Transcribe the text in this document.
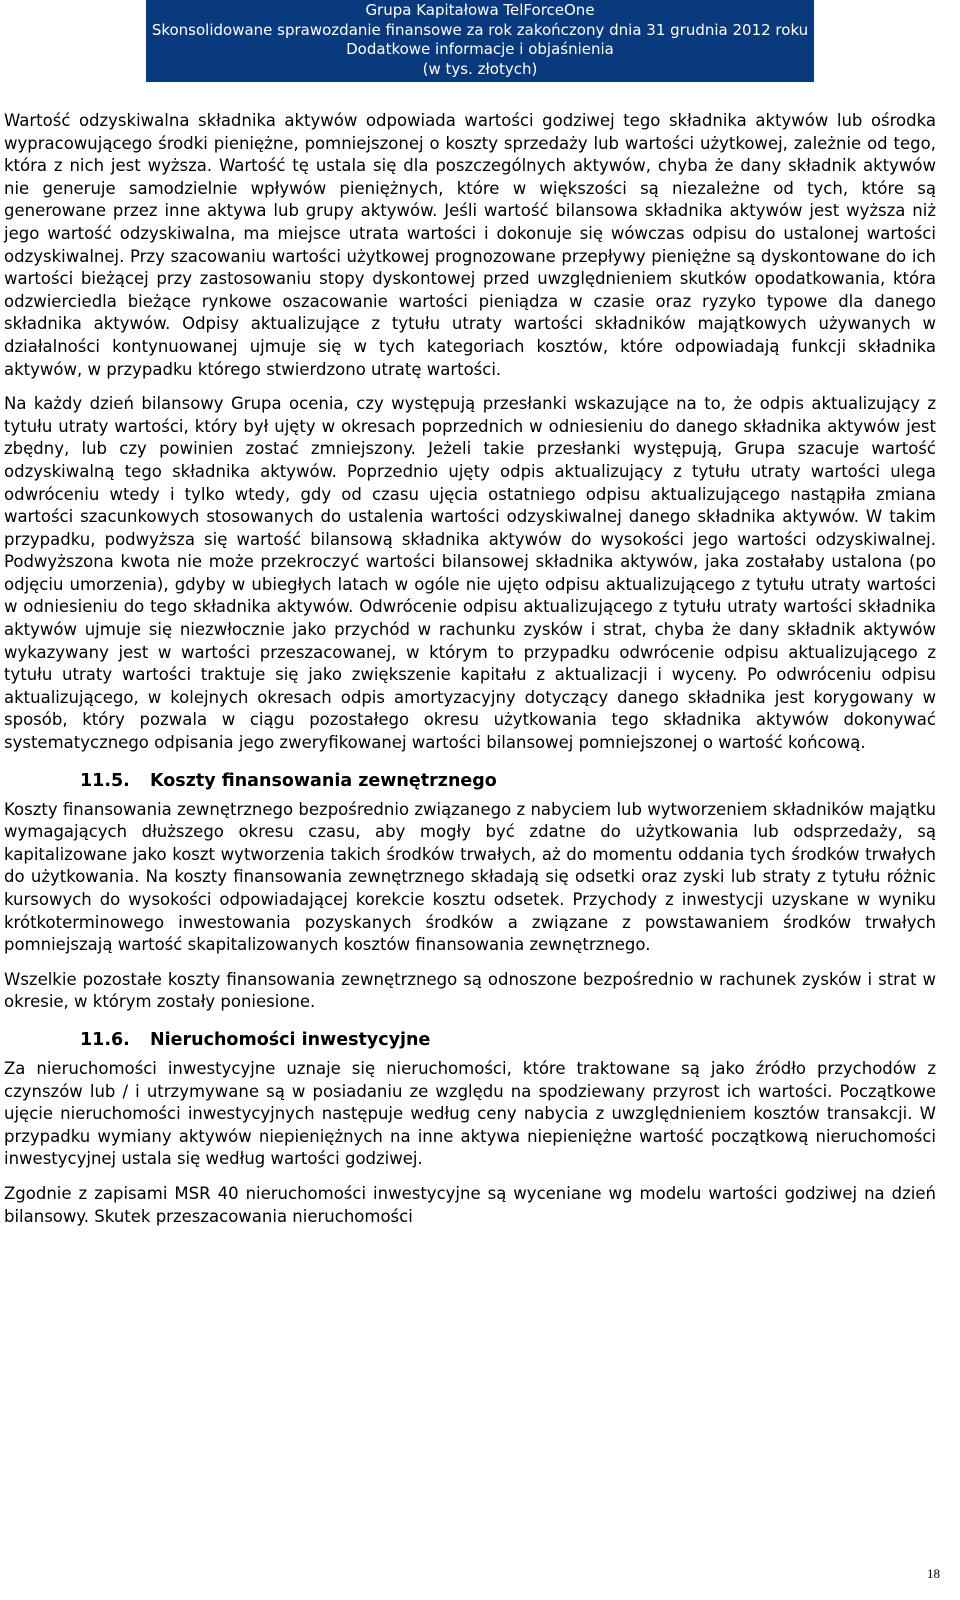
Grupa Kapitałowa TelForceOne
Skonsolidowane sprawozdanie finansowe za rok zakończony dnia 31 grudnia 2012 roku
Dodatkowe informacje i objaśnienia
(w tys. złotych)

Wartość odzyskiwalna składnika aktywów odpowiada wartości godziwej tego składnika aktywów lub ośrodka wypracowującego środki pieniężne, pomniejszonej o koszty sprzedaży lub wartości użytkowej, zależnie od tego, która z nich jest wyższa. Wartość tę ustala się dla poszczególnych aktywów, chyba że dany składnik aktywów nie generuje samodzielnie wpływów pieniężnych, które w większości są niezależne od tych, które są generowane przez inne aktywa lub grupy aktywów. Jeśli wartość bilansowa składnika aktywów jest wyższa niż jego wartość odzyskiwalna, ma miejsce utrata wartości i dokonuje się wówczas odpisu do ustalonej wartości odzyskiwalnej. Przy szacowaniu wartości użytkowej prognozowane przepływy pieniężne są dyskontowane do ich wartości bieżącej przy zastosowaniu stopy dyskontowej przed uwzględnieniem skutków opodatkowania, która odzwierciedla bieżące rynkowe oszacowanie wartości pieniądza w czasie oraz ryzyko typowe dla danego składnika aktywów. Odpisy aktualizujące z tytułu utraty wartości składników majątkowych używanych w działalności kontynuowanej ujmuje się w tych kategoriach kosztów, które odpowiadają funkcji składnika aktywów, w przypadku którego stwierdzono utratę wartości.

Na każdy dzień bilansowy Grupa ocenia, czy występują przesłanki wskazujące na to, że odpis aktualizujący z tytułu utraty wartości, który był ujęty w okresach poprzednich w odniesieniu do danego składnika aktywów jest zbędny, lub czy powinien zostać zmniejszony. Jeżeli takie przesłanki występują, Grupa szacuje wartość odzyskiwalną tego składnika aktywów. Poprzednio ujęty odpis aktualizujący z tytułu utraty wartości ulega odwróceniu wtedy i tylko wtedy, gdy od czasu ujęcia ostatniego odpisu aktualizującego nastąpiła zmiana wartości szacunkowych stosowanych do ustalenia wartości odzyskiwalnej danego składnika aktywów. W takim przypadku, podwyższa się wartość bilansową składnika aktywów do wysokości jego wartości odzyskiwalnej. Podwyższona kwota nie może przekroczyć wartości bilansowej składnika aktywów, jaka zostałaby ustalona (po odjęciu umorzenia), gdyby w ubiegłych latach w ogóle nie ujęto odpisu aktualizującego z tytułu utraty wartości w odniesieniu do tego składnika aktywów. Odwrócenie odpisu aktualizującego z tytułu utraty wartości składnika aktywów ujmuje się niezwłocznie jako przychód w rachunku zysków i strat, chyba że dany składnik aktywów wykazywany jest w wartości przeszacowanej, w którym to przypadku odwrócenie odpisu aktualizującego z tytułu utraty wartości traktuje się jako zwiększenie kapitału z aktualizacji i wyceny. Po odwróceniu odpisu aktualizującego, w kolejnych okresach odpis amortyzacyjny dotyczący danego składnika jest korygowany w sposób, który pozwala w ciągu pozostałego okresu użytkowania tego składnika aktywów dokonywać systematycznego odpisania jego zweryfikowanej wartości bilansowej pomniejszonej o wartość końcową.

11.5. Koszty finansowania zewnętrznego

Koszty finansowania zewnętrznego bezpośrednio związanego z nabyciem lub wytworzeniem składników majątku wymagających dłuższego okresu czasu, aby mogły być zdatne do użytkowania lub odsprzedaży, są kapitalizowane jako koszt wytworzenia takich środków trwałych, aż do momentu oddania tych środków trwałych do użytkowania. Na koszty finansowania zewnętrznego składają się odsetki oraz zyski lub straty z tytułu różnic kursowych do wysokości odpowiadającej korekcie kosztu odsetek. Przychody z inwestycji uzyskane w wyniku krótkoterminowego inwestowania pozyskanych środków a związane z powstawaniem środków trwałych pomniejszają wartość skapitalizowanych kosztów finansowania zewnętrznego.

Wszelkie pozostałe koszty finansowania zewnętrznego są odnoszone bezpośrednio w rachunek zysków i strat w okresie, w którym zostały poniesione.

11.6. Nieruchomości inwestycyjne

Za nieruchomości inwestycyjne uznaje się nieruchomości, które traktowane są jako źródło przychodów z czynszów lub / i utrzymywane są w posiadaniu ze względu na spodziewany przyrost ich wartości. Początkowe ujęcie nieruchomości inwestycyjnych następuje według ceny nabycia z uwzględnieniem kosztów transakcji. W przypadku wymiany aktywów niepieniężnych na inne aktywa niepieniężne wartość początkową nieruchomości inwestycyjnej ustala się według wartości godziwej.

Zgodnie z zapisami MSR 40 nieruchomości inwestycyjne są wyceniane wg modelu wartości godziwej na dzień bilansowy. Skutek przeszacowania nieruchomości

18
